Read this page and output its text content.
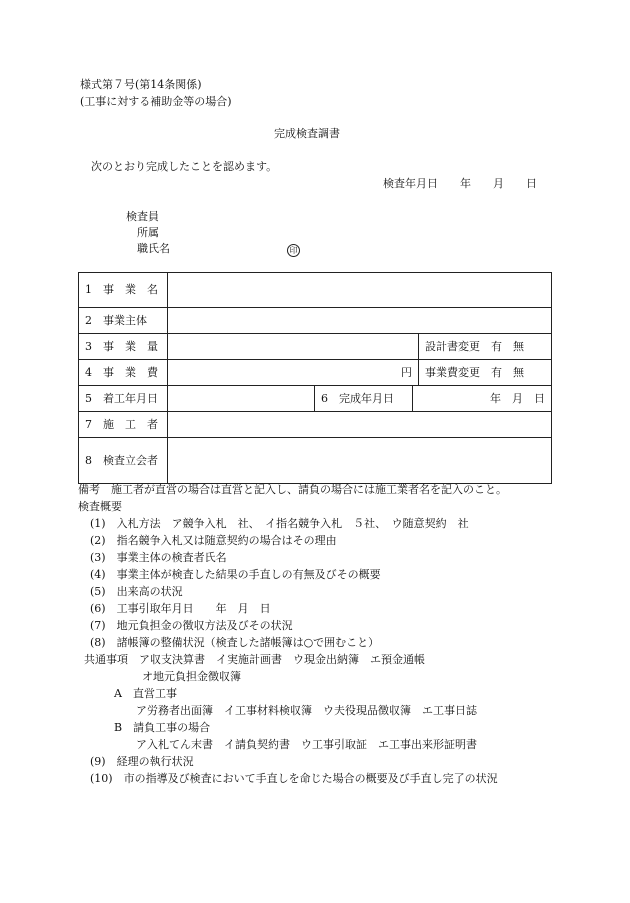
様式第７号(第14条関係)
(工事に対する補助金等の場合)
完成検査調書
次のとおり完成したことを認めます。
検査年月日　　年　　月　　日
検査員
所属
職氏名	印
1　事　業　名				
2　事業主体				
3　事　業　量				設計書変更　有　無
4　事　業　費	円			事業費変更　有　無
5　着工年月日		6　完成年月日	年　月　日	
7　施　工　者				
8　検査立会者				
備考　施工者が直営の場合は直営と記入し、請負の場合には施工業者名を記入のこと。
検査概要
(1)　入札方法　ア競争入札　社、　イ指名競争入札　５社、　ウ随意契約　社
(2)　指名競争入札又は随意契約の場合はその理由
(3)　事業主体の検査者氏名
(4)　事業主体が検査した結果の手直しの有無及びその概要
(5)　出来高の状況
(6)　工事引取年月日　　年　月　日
(7)　地元負担金の徴収方法及びその状況
(8)　諸帳簿の整備状況（検査した諸帳簿は○で囲むこと）
共通事項　ア収支決算書　イ実施計画書　ウ現金出納簿　エ預金通帳
オ地元負担金徴収簿
A　直営工事
ア労務者出面簿　イ工事材料検収簿　ウ夫役現品徴収簿　エ工事日誌
B　請負工事の場合
ア入札てん末書　イ請負契約書　ウ工事引取証　エ工事出来形証明書
(9)　経理の執行状況
(10)　市の指導及び検査において手直しを命じた場合の概要及び手直し完了の状況
